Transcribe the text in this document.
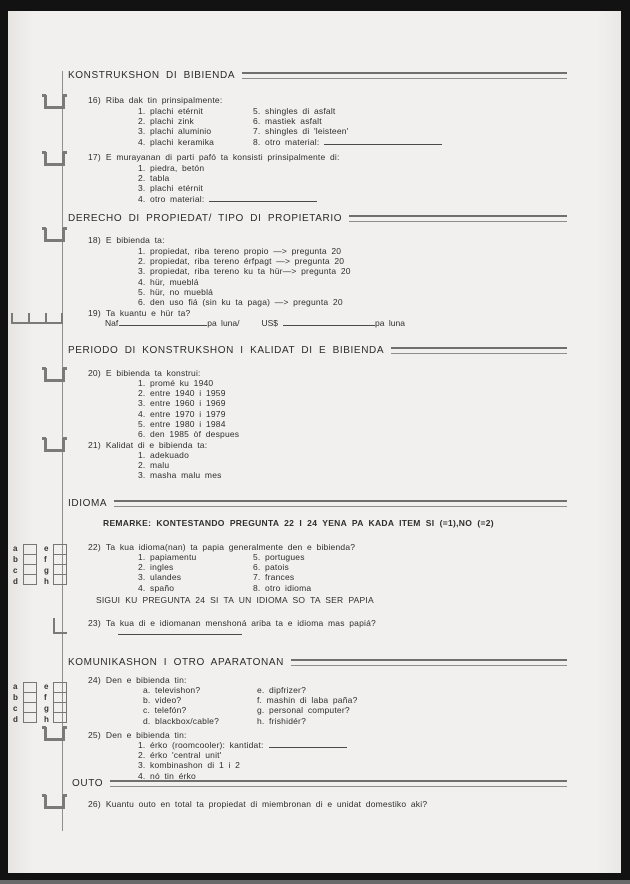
a
b
c
d
e
f
g
h
a
b
c
d
e
f
g
h
KONSTRUKSHON DI BIBIENDA
16) Riba dak tin prinsipalmente:
1. plachi etérnit
2. plachi zink
3. plachi aluminio
4. plachi keramika
5. shingles di asfalt
6. mastiek asfalt
7. shingles di 'leisteen'
8. otro material:
17) E murayanan di parti pafó ta konsisti prinsipalmente di:
1. piedra, betón
2. tabla
3. plachi etérnit
4. otro material:
DERECHO DI PROPIEDAT/ TIPO DI PROPIETARIO
18) E bibienda ta:
1. propiedat, riba tereno propio —> pregunta 20
2. propiedat, riba tereno érfpagt —> pregunta 20
3. propiedat, riba tereno ku ta hür—> pregunta 20
4. hür, mueblá
5. hür, no mueblá
6. den uso fiá (sin ku ta paga) —> pregunta 20
19) Ta kuantu e hür ta?
Naf	pa luna/	US$	pa luna
PERIODO DI KONSTRUKSHON I KALIDAT DI E BIBIENDA
20) E bibienda ta konstrui:
1. promé ku 1940
2. entre 1940 i 1959
3. entre 1960 i 1969
4. entre 1970 i 1979
5. entre 1980 i 1984
6. den 1985 òf despues
21) Kalidat di e bibienda ta:
1. adekuado
2. malu
3. masha malu mes
IDIOMA
REMARKE: KONTESTANDO PREGUNTA 22 I 24 YENA PA KADA ITEM SI (=1),NO (=2)
22) Ta kua idioma(nan) ta papia generalmente den e bibienda?
1. papiamentu
2. ingles
3. ulandes
4. spaño
5. portugues
6. patois
7. frances
8. otro idioma
SIGUI KU PREGUNTA 24 SI TA UN IDIOMA SO TA SER PAPIA
23) Ta kua di e idiomanan menshoná ariba ta e idioma mas papiá?
KOMUNIKASHON I OTRO APARATONAN
24) Den e bibienda tin:
a. televishon?
b. video?
c. telefón?
d. blackbox/cable?
e. dipfrizer?
f. mashin di laba paña?
g. personal computer?
h. frishidér?
25) Den e bibienda tin:
1. érko (roomcooler): kantidat:
2. érko 'central unit'
3. kombinashon di 1 i 2
4. nó tin érko
OUTO
26) Kuantu outo en total ta propiedat di miembronan di e unidat domestiko aki?
